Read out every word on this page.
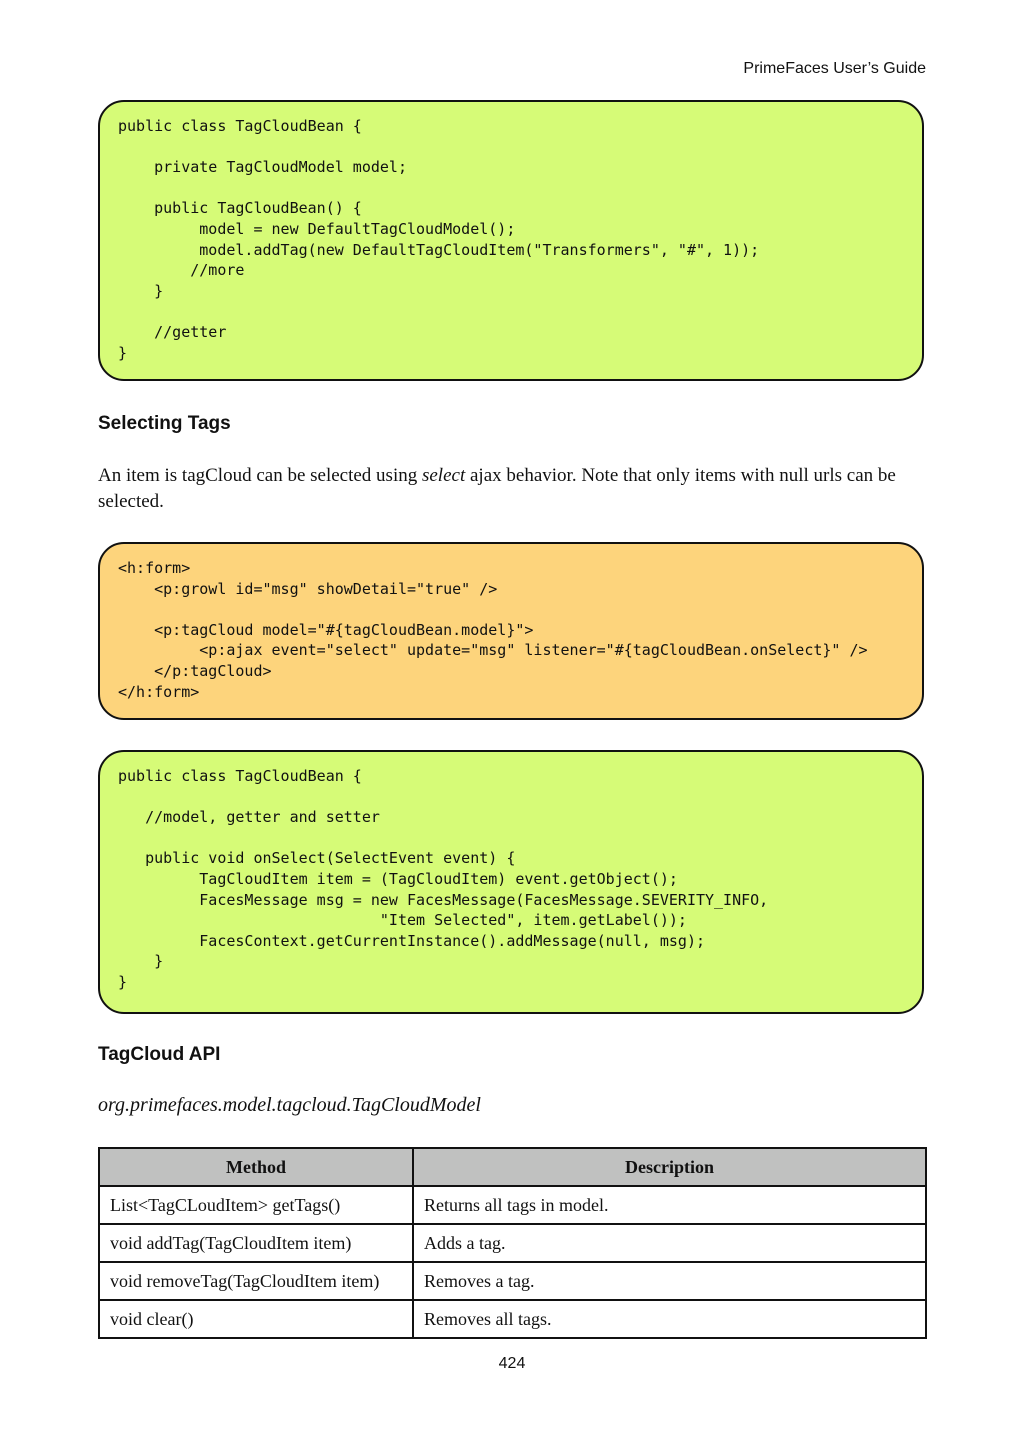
PrimeFaces User’s Guide
public class TagCloudBean {

private TagCloudModel model;

public TagCloudBean() {
model = new DefaultTagCloudModel();
model.addTag(new DefaultTagCloudItem("Transformers", "#", 1));
//more
}

//getter
}
Selecting Tags
An item is tagCloud can be selected using select ajax behavior. Note that only items with null urls can be selected.
<h:form>
<p:growl id="msg" showDetail="true" />

<p:tagCloud model="#{tagCloudBean.model}">
<p:ajax event="select" update="msg" listener="#{tagCloudBean.onSelect}" />
</p:tagCloud>
</h:form>
public class TagCloudBean {

//model, getter and setter

public void onSelect(SelectEvent event) {
TagCloudItem item = (TagCloudItem) event.getObject();
FacesMessage msg = new FacesMessage(FacesMessage.SEVERITY_INFO,
"Item Selected", item.getLabel());
FacesContext.getCurrentInstance().addMessage(null, msg);
}
}
TagCloud API
org.primefaces.model.tagcloud.TagCloudModel
Method	Description
List<TagCLoudItem> getTags()	Returns all tags in model.
void addTag(TagCloudItem item)	Adds a tag.
void removeTag(TagCloudItem item)	Removes a tag.
void clear()	Removes all tags.
424
